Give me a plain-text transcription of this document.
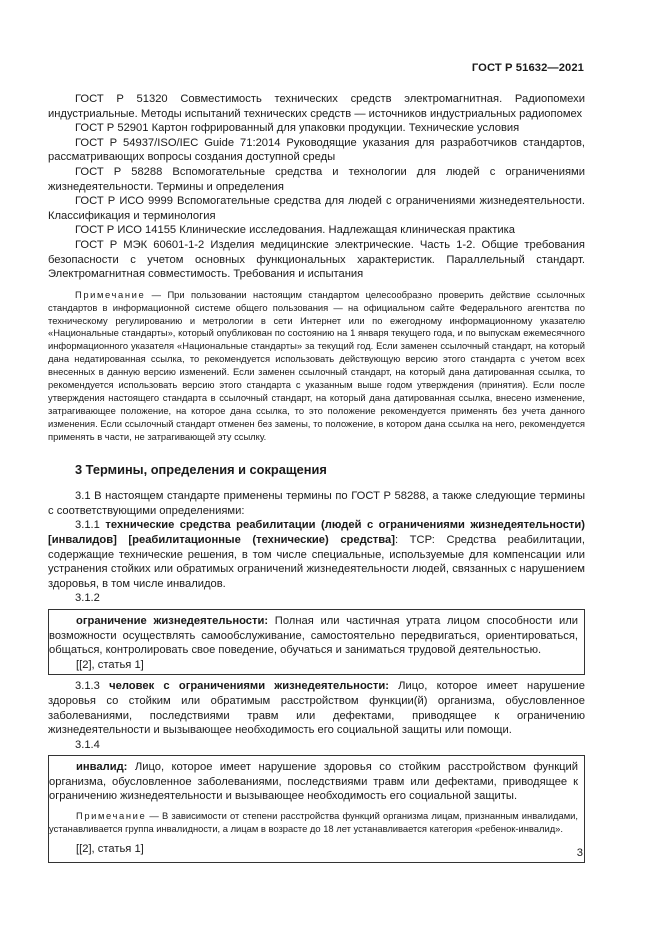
ГОСТ Р 51632—2021

ГОСТ Р 51320 Совместимость технических средств электромагнитная. Радиопомехи индустриальные. Методы испытаний технических средств — источников индустриальных радиопомех

ГОСТ Р 52901 Картон гофрированный для упаковки продукции. Технические условия

ГОСТ Р 54937/ISO/IEC Guide 71:2014 Руководящие указания для разработчиков стандартов, рассматривающих вопросы создания доступной среды

ГОСТ Р 58288 Вспомогательные средства и технологии для людей с ограничениями жизнедеятельности. Термины и определения

ГОСТ Р ИСО 9999 Вспомогательные средства для людей с ограничениями жизнедеятельности. Классификация и терминология

ГОСТ Р ИСО 14155 Клинические исследования. Надлежащая клиническая практика

ГОСТ Р МЭК 60601-1-2 Изделия медицинские электрические. Часть 1-2. Общие требования безопасности с учетом основных функциональных характеристик. Параллельный стандарт. Электромагнитная совместимость. Требования и испытания

Примечание — При пользовании настоящим стандартом целесообразно проверить действие ссылочных стандартов в информационной системе общего пользования — на официальном сайте Федерального агентства по техническому регулированию и метрологии в сети Интернет или по ежегодному информационному указателю «Национальные стандарты», который опубликован по состоянию на 1 января текущего года, и по выпускам ежемесячного информационного указателя «Национальные стандарты» за текущий год. Если заменен ссылочный стандарт, на который дана недатированная ссылка, то рекомендуется использовать действующую версию этого стандарта с учетом всех внесенных в данную версию изменений. Если заменен ссылочный стандарт, на который дана датированная ссылка, то рекомендуется использовать версию этого стандарта с указанным выше годом утверждения (принятия). Если после утверждения настоящего стандарта в ссылочный стандарт, на который дана датированная ссылка, внесено изменение, затрагивающее положение, на которое дана ссылка, то это положение рекомендуется применять без учета данного изменения. Если ссылочный стандарт отменен без замены, то положение, в котором дана ссылка на него, рекомендуется применять в части, не затрагивающей эту ссылку.

3 Термины, определения и сокращения

3.1 В настоящем стандарте применены термины по ГОСТ Р 58288, а также следующие термины с соответствующими определениями:

3.1.1 технические средства реабилитации (людей с ограничениями жизнедеятельности) [инвалидов] [реабилитационные (технические) средства]: ТСР: Средства реабилитации, содержащие технические решения, в том числе специальные, используемые для компенсации или устранения стойких или обратимых ограничений жизнедеятельности людей, связанных с нарушением здоровья, в том числе инвалидов.

3.1.2

ограничение жизнедеятельности: Полная или частичная утрата лицом способности или возможности осуществлять самообслуживание, самостоятельно передвигаться, ориентироваться, общаться, контролировать свое поведение, обучаться и заниматься трудовой деятельностью.

[[2], статья 1]

3.1.3 человек с ограничениями жизнедеятельности: Лицо, которое имеет нарушение здоровья со стойким или обратимым расстройством функции(й) организма, обусловленное заболеваниями, последствиями травм или дефектами, приводящее к ограничению жизнедеятельности и вызывающее необходимость его социальной защиты или помощи.

3.1.4

инвалид: Лицо, которое имеет нарушение здоровья со стойким расстройством функций организма, обусловленное заболеваниями, последствиями травм или дефектами, приводящее к ограничению жизнедеятельности и вызывающее необходимость его социальной защиты.

Примечание — В зависимости от степени расстройства функций организма лицам, признанным инвалидами, устанавливается группа инвалидности, а лицам в возрасте до 18 лет устанавливается категория «ребенок-инвалид».

[[2], статья 1]	3
